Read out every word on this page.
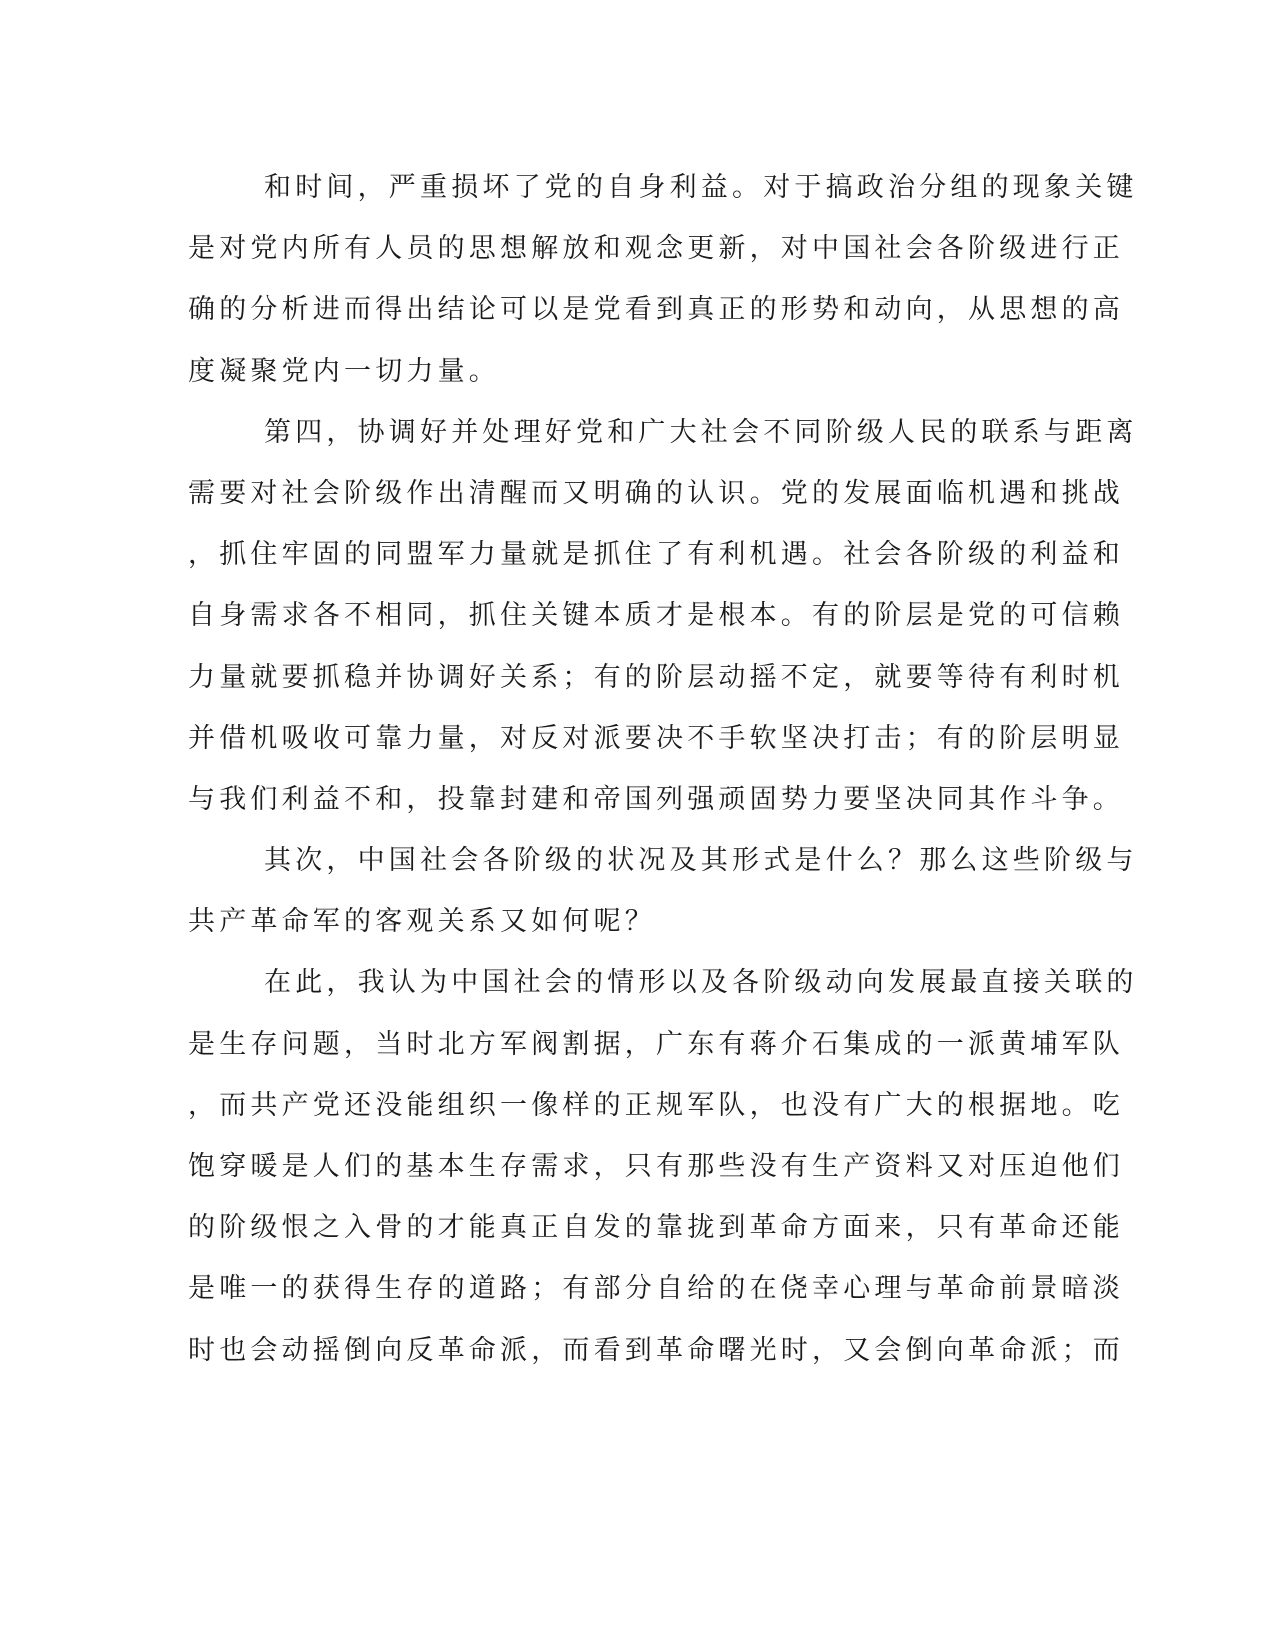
和时间，严重损坏了党的自身利益。对于搞政治分组的现象关键
是对党内所有人员的思想解放和观念更新，对中国社会各阶级进行正
确的分析进而得出结论可以是党看到真正的形势和动向，从思想的高
度凝聚党内一切力量。
第四，协调好并处理好党和广大社会不同阶级人民的联系与距离
需要对社会阶级作出清醒而又明确的认识。党的发展面临机遇和挑战
，抓住牢固的同盟军力量就是抓住了有利机遇。社会各阶级的利益和
自身需求各不相同，抓住关键本质才是根本。有的阶层是党的可信赖
力量就要抓稳并协调好关系；有的阶层动摇不定，就要等待有利时机
并借机吸收可靠力量，对反对派要决不手软坚决打击；有的阶层明显
与我们利益不和，投靠封建和帝国列强顽固势力要坚决同其作斗争。
其次，中国社会各阶级的状况及其形式是什么？那么这些阶级与
共产革命军的客观关系又如何呢？
在此，我认为中国社会的情形以及各阶级动向发展最直接关联的
是生存问题，当时北方军阀割据，广东有蒋介石集成的一派黄埔军队
，而共产党还没能组织一像样的正规军队，也没有广大的根据地。吃
饱穿暖是人们的基本生存需求，只有那些没有生产资料又对压迫他们
的阶级恨之入骨的才能真正自发的靠拢到革命方面来，只有革命还能
是唯一的获得生存的道路；有部分自给的在侥幸心理与革命前景暗淡
时也会动摇倒向反革命派，而看到革命曙光时，又会倒向革命派；而
